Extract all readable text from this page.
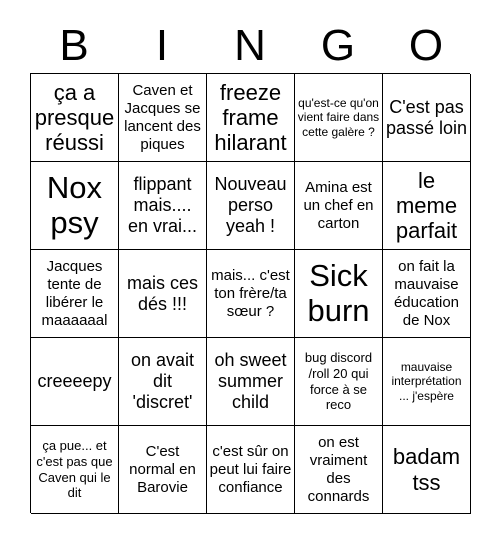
B	I	N	G	O
ça a presque réussi
Caven et Jacques se lancent des piques
freeze frame hilarant
qu'est-ce qu'on vient faire dans cette galère ?
C'est pas passé loin
Nox psy
flippant mais.... en vrai...
Nouveau perso yeah !
Amina est un chef en carton
le meme parfait
Jacques tente de libérer le maaaaaal
mais ces dés !!!
mais... c'est ton frère/ta sœur ?
Sick burn
on fait la mauvaise éducation de Nox
creeeepy
on avait dit 'discret'
oh sweet summer child
bug discord /roll 20 qui force à se reco
mauvaise interprétation ... j'espère
ça pue... et c'est pas que Caven qui le dit
C'est normal en Barovie
c'est sûr on peut lui faire confiance
on est vraiment des connards
badam tss
